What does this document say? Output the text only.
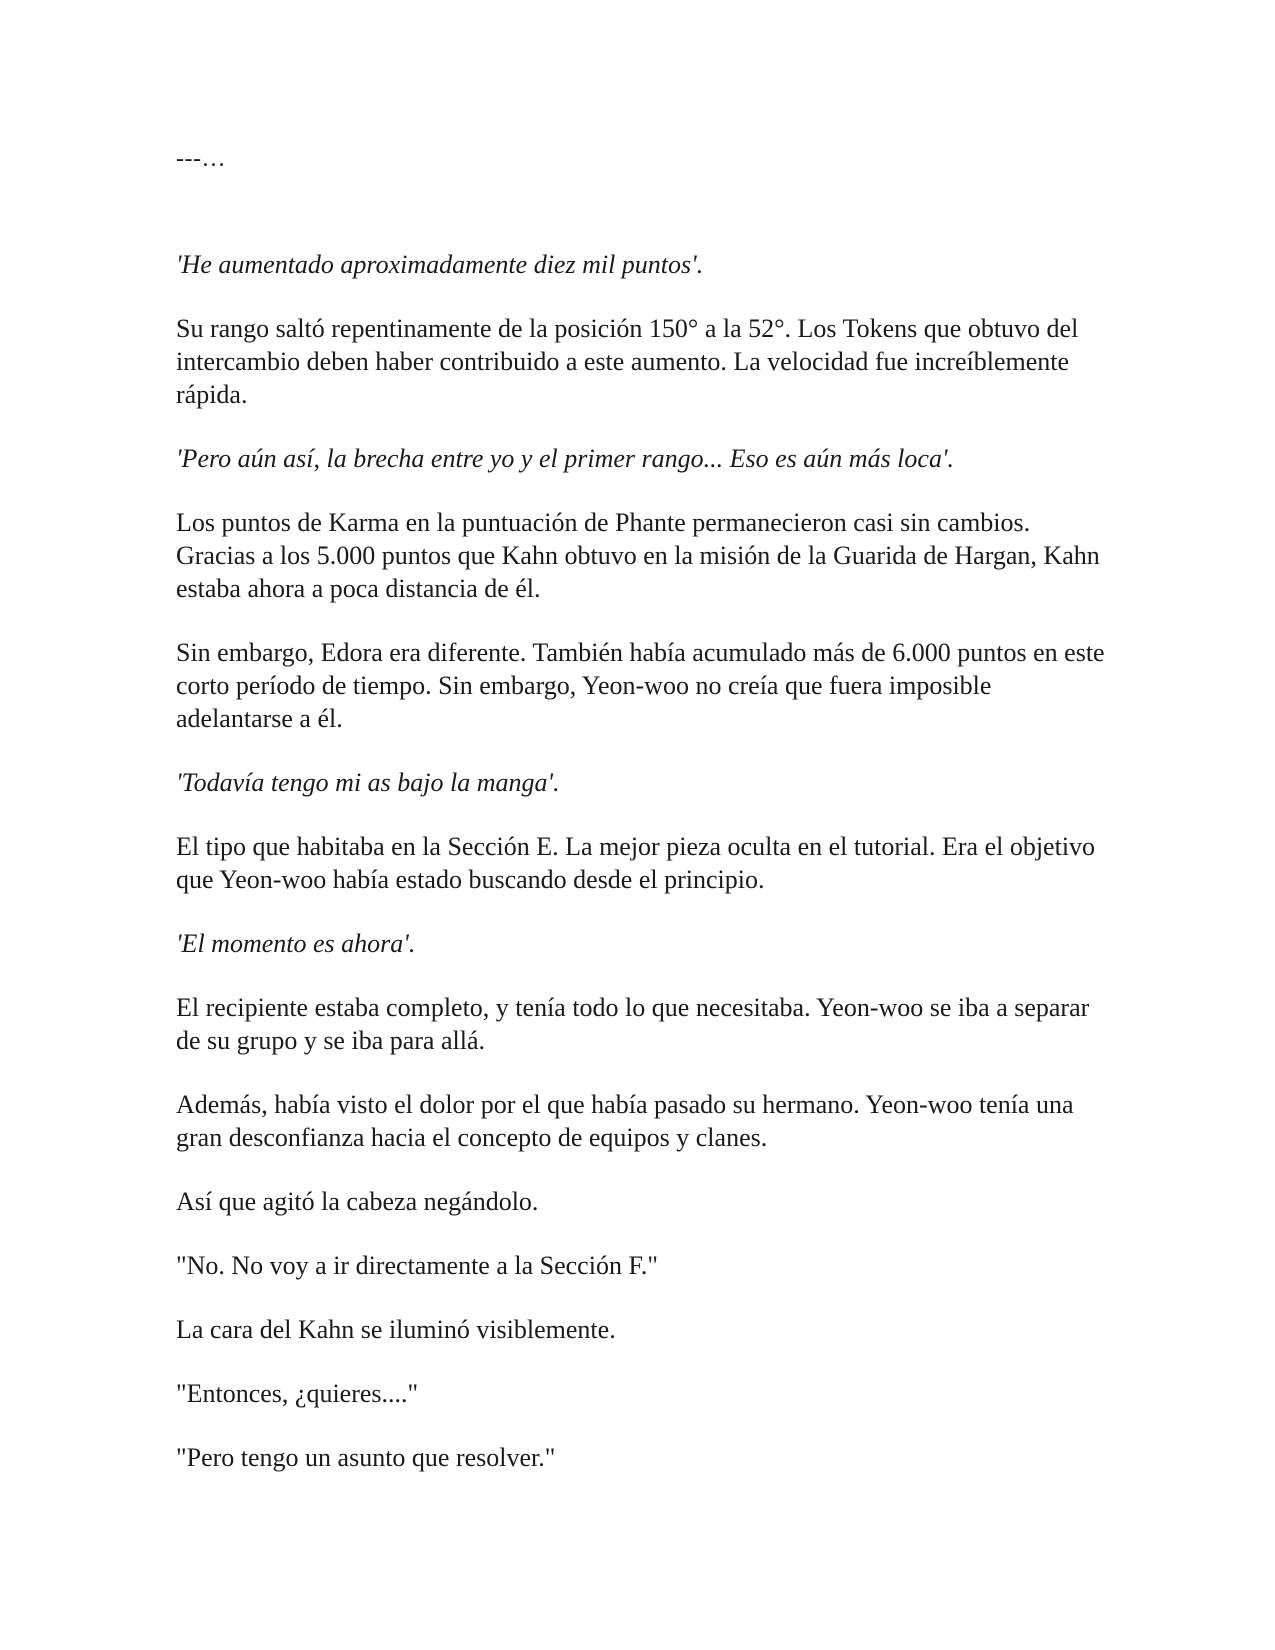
---…

'He aumentado aproximadamente diez mil puntos'.

Su rango saltó repentinamente de la posición 150° a la 52°. Los Tokens que obtuvo del intercambio deben haber contribuido a este aumento. La velocidad fue increíblemente rápida.

'Pero aún así, la brecha entre yo y el primer rango... Eso es aún más loca'.

Los puntos de Karma en la puntuación de Phante permanecieron casi sin cambios. Gracias a los 5.000 puntos que Kahn obtuvo en la misión de la Guarida de Hargan, Kahn estaba ahora a poca distancia de él.

Sin embargo, Edora era diferente. También había acumulado más de 6.000 puntos en este corto período de tiempo. Sin embargo, Yeon-woo no creía que fuera imposible adelantarse a él.

'Todavía tengo mi as bajo la manga'.

El tipo que habitaba en la Sección E. La mejor pieza oculta en el tutorial. Era el objetivo que Yeon-woo había estado buscando desde el principio.

'El momento es ahora'.

El recipiente estaba completo, y tenía todo lo que necesitaba. Yeon-woo se iba a separar de su grupo y se iba para allá.

Además, había visto el dolor por el que había pasado su hermano. Yeon-woo tenía una gran desconfianza hacia el concepto de equipos y clanes.

Así que agitó la cabeza negándolo.

"No. No voy a ir directamente a la Sección F."

La cara del Kahn se iluminó visiblemente.

"Entonces, ¿quieres...."

"Pero tengo un asunto que resolver."
